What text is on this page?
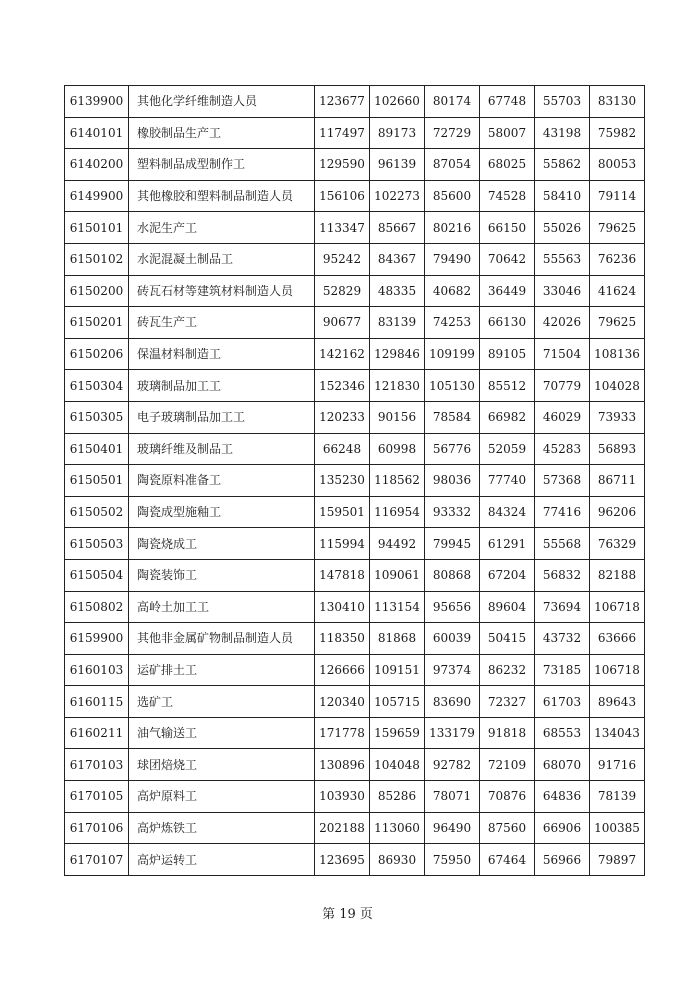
6139900	其他化学纤维制造人员	123677	102660	80174	67748	55703	83130
6140101	橡胶制品生产工	117497	89173	72729	58007	43198	75982
6140200	塑料制品成型制作工	129590	96139	87054	68025	55862	80053
6149900	其他橡胶和塑料制品制造人员	156106	102273	85600	74528	58410	79114
6150101	水泥生产工	113347	85667	80216	66150	55026	79625
6150102	水泥混凝土制品工	95242	84367	79490	70642	55563	76236
6150200	砖瓦石材等建筑材料制造人员	52829	48335	40682	36449	33046	41624
6150201	砖瓦生产工	90677	83139	74253	66130	42026	79625
6150206	保温材料制造工	142162	129846	109199	89105	71504	108136
6150304	玻璃制品加工工	152346	121830	105130	85512	70779	104028
6150305	电子玻璃制品加工工	120233	90156	78584	66982	46029	73933
6150401	玻璃纤维及制品工	66248	60998	56776	52059	45283	56893
6150501	陶瓷原料准备工	135230	118562	98036	77740	57368	86711
6150502	陶瓷成型施釉工	159501	116954	93332	84324	77416	96206
6150503	陶瓷烧成工	115994	94492	79945	61291	55568	76329
6150504	陶瓷装饰工	147818	109061	80868	67204	56832	82188
6150802	高岭土加工工	130410	113154	95656	89604	73694	106718
6159900	其他非金属矿物制品制造人员	118350	81868	60039	50415	43732	63666
6160103	运矿排土工	126666	109151	97374	86232	73185	106718
6160115	选矿工	120340	105715	83690	72327	61703	89643
6160211	油气输送工	171778	159659	133179	91818	68553	134043
6170103	球团焙烧工	130896	104048	92782	72109	68070	91716
6170105	高炉原料工	103930	85286	78071	70876	64836	78139
6170106	高炉炼铁工	202188	113060	96490	87560	66906	100385
6170107	高炉运转工	123695	86930	75950	67464	56966	79897
第 19 页
